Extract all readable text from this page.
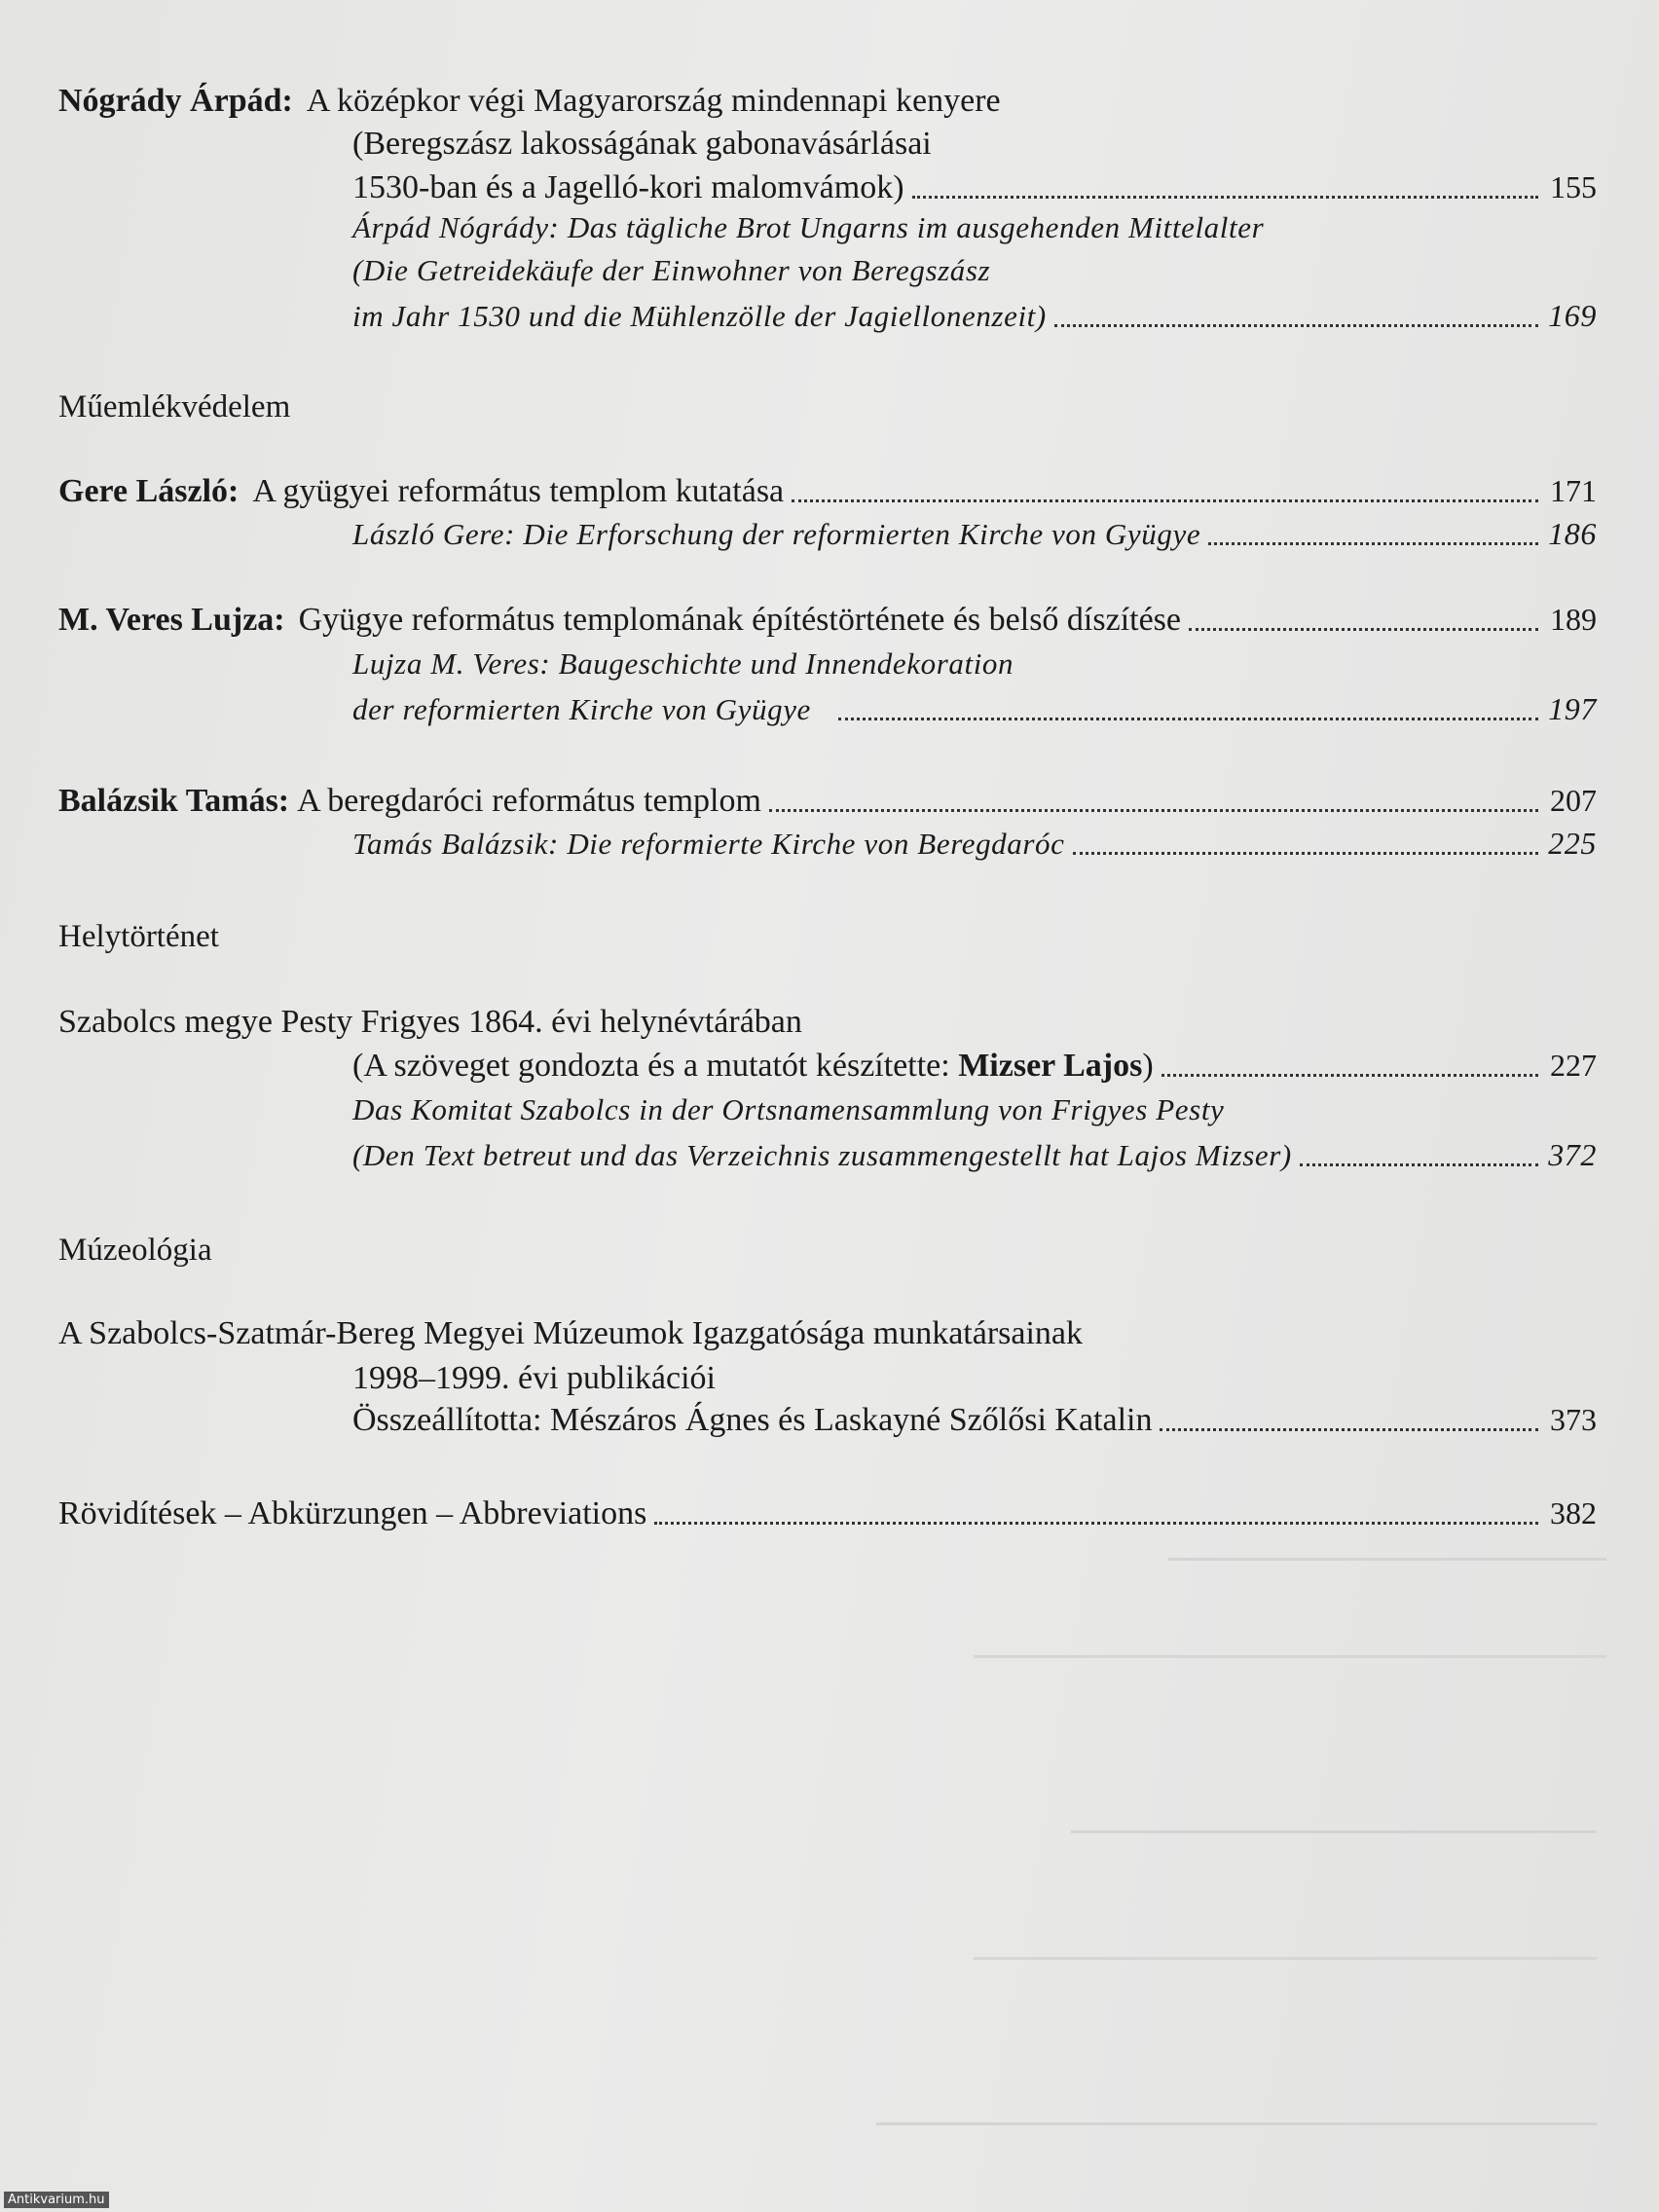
Nógrády Árpád: A középkor végi Magyarország mindennapi kenyere
(Beregszász lakosságának gabonavásárlásai
1530-ban és a Jagelló-kori malomvámok)	155
Árpád Nógrády: Das tägliche Brot Ungarns im ausgehenden Mittelalter
(Die Getreidekäufe der Einwohner von Beregszász
im Jahr 1530 und die Mühlenzölle der Jagiellonenzeit)	169
Műemlékvédelem
Gere László: A gyügyei református templom kutatása	171
László Gere: Die Erforschung der reformierten Kirche von Gyügye	186
M. Veres Lujza: Gyügye református templomának építéstörténete és belső díszítése	189
Lujza M. Veres: Baugeschichte und Innendekoration
der reformierten Kirche von Gyügye	197
Balázsik Tamás: A beregdaróci református templom	207
Tamás Balázsik: Die reformierte Kirche von Beregdaróc	225
Helytörténet
Szabolcs megye Pesty Frigyes 1864. évi helynévtárában
(A szöveget gondozta és a mutatót készítette: Mizser Lajos)	227
Das Komitat Szabolcs in der Ortsnamensammlung von Frigyes Pesty
(Den Text betreut und das Verzeichnis zusammengestellt hat Lajos Mizser)	372
Múzeológia
A Szabolcs-Szatmár-Bereg Megyei Múzeumok Igazgatósága munkatársainak
1998–1999. évi publikációi
Összeállította: Mészáros Ágnes és Laskayné Szőlősi Katalin	373
Rövidítések – Abkürzungen – Abbreviations	382
Antikvarium.hu
